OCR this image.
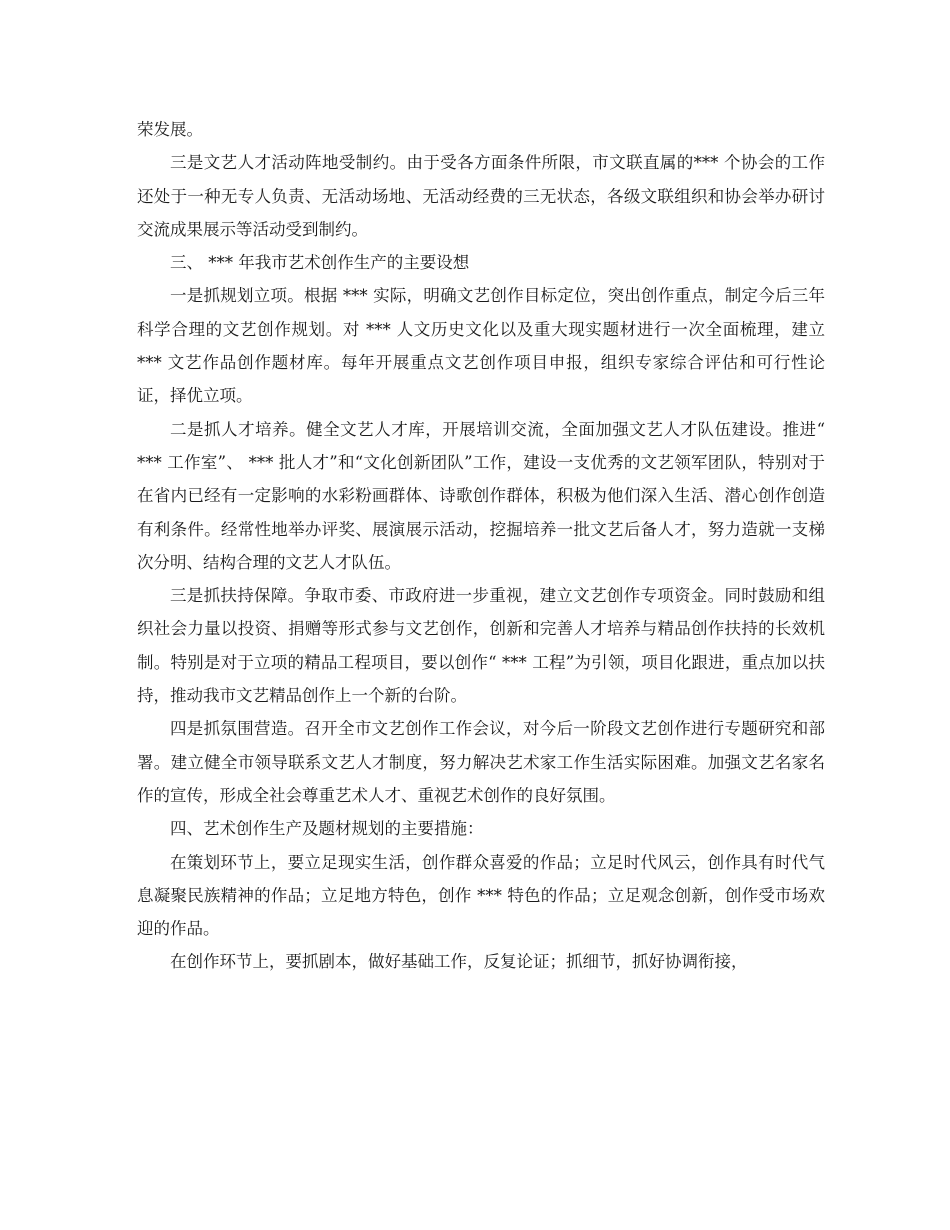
荣发展。

三是文艺人才活动阵地受制约。由于受各方面条件所限，市文联直属的*** 个协会的工作还处于一种无专人负责、无活动场地、无活动经费的三无状态，各级文联组织和协会举办研讨交流成果展示等活动受到制约。

三、 *** 年我市艺术创作生产的主要设想

一是抓规划立项。根据 *** 实际，明确文艺创作目标定位，突出创作重点，制定今后三年科学合理的文艺创作规划。对 *** 人文历史文化以及重大现实题材进行一次全面梳理，建立 *** 文艺作品创作题材库。每年开展重点文艺创作项目申报，组织专家综合评估和可行性论证，择优立项。

二是抓人才培养。健全文艺人才库，开展培训交流，全面加强文艺人才队伍建设。推进“ *** 工作室”、 *** 批人才”和“文化创新团队”工作，建设一支优秀的文艺领军团队，特别对于在省内已经有一定影响的水彩粉画群体、诗歌创作群体，积极为他们深入生活、潜心创作创造有利条件。经常性地举办评奖、展演展示活动，挖掘培养一批文艺后备人才，努力造就一支梯次分明、结构合理的文艺人才队伍。

三是抓扶持保障。争取市委、市政府进一步重视，建立文艺创作专项资金。同时鼓励和组织社会力量以投资、捐赠等形式参与文艺创作，创新和完善人才培养与精品创作扶持的长效机制。特别是对于立项的精品工程项目，要以创作“ *** 工程”为引领，项目化跟进，重点加以扶持，推动我市文艺精品创作上一个新的台阶。

四是抓氛围营造。召开全市文艺创作工作会议，对今后一阶段文艺创作进行专题研究和部署。建立健全市领导联系文艺人才制度，努力解决艺术家工作生活实际困难。加强文艺名家名作的宣传，形成全社会尊重艺术人才、重视艺术创作的良好氛围。

四、艺术创作生产及题材规划的主要措施：

在策划环节上，要立足现实生活，创作群众喜爱的作品；立足时代风云，创作具有时代气息凝聚民族精神的作品；立足地方特色，创作 *** 特色的作品；立足观念创新，创作受市场欢迎的作品。

在创作环节上，要抓剧本，做好基础工作，反复论证；抓细节，抓好协调衔接，
